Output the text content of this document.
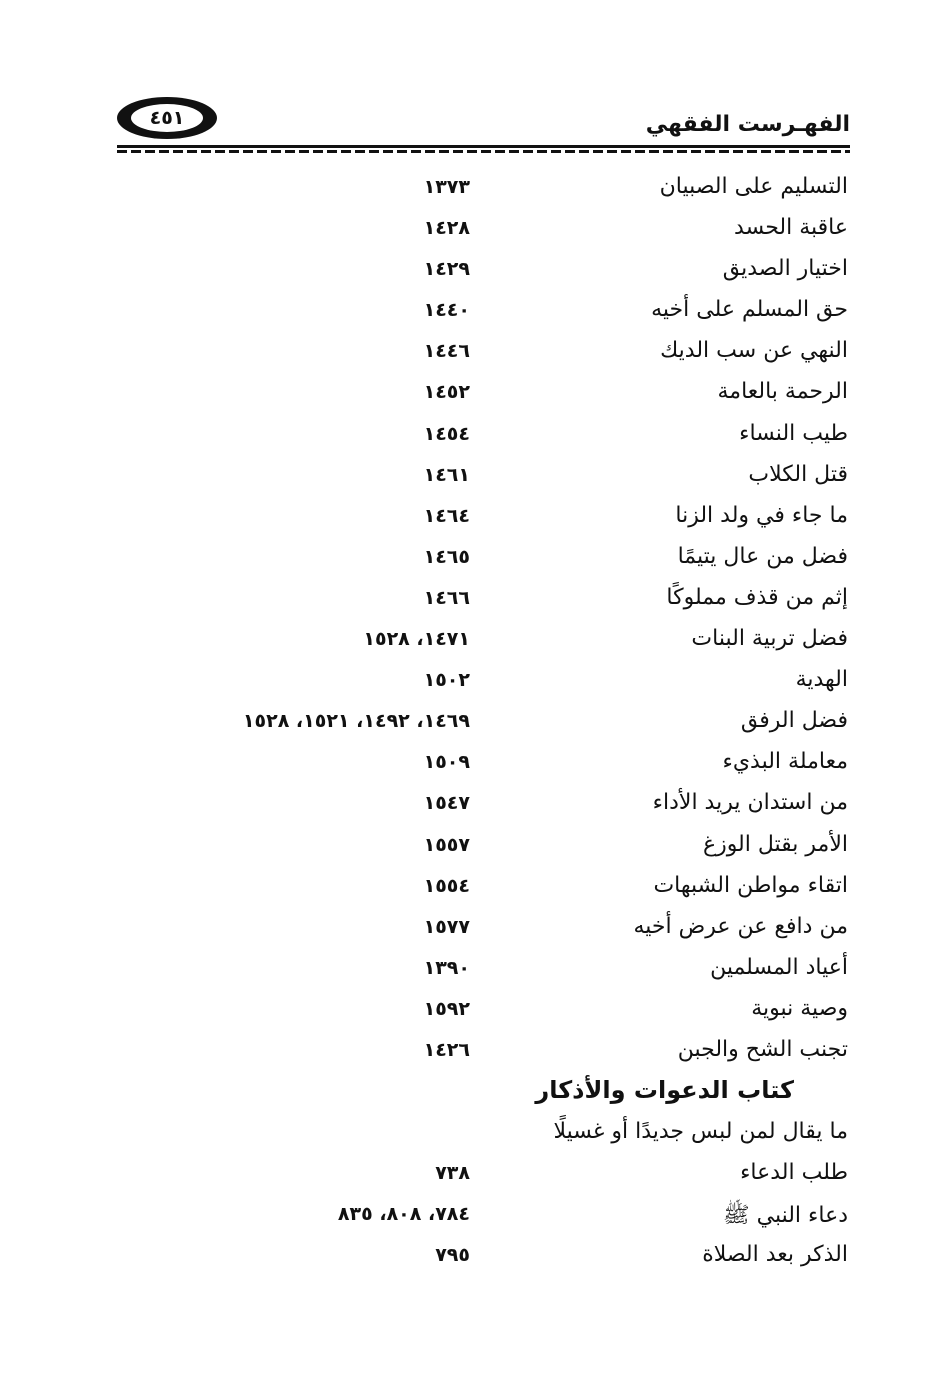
٤٥١	الفهـرست الفقهي
التسليم على الصبيان
١٣٧٣
عاقبة الحسد
١٤٢٨
اختيار الصديق
١٤٢٩
حق المسلم على أخيه
١٤٤٠
النهي عن سب الديك
١٤٤٦
الرحمة بالعامة
١٤٥٢
طيب النساء
١٤٥٤
قتل الكلاب
١٤٦١
ما جاء في ولد الزنا
١٤٦٤
فضل من عال يتيمًا
١٤٦٥
إثم من قذف مملوكًا
١٤٦٦
فضل تربية البنات
١٤٧١، ١٥٢٨
الهدية
١٥٠٢
فضل الرفق
١٤٦٩، ١٤٩٢، ١٥٢١، ١٥٢٨
معاملة البذيء
١٥٠٩
من استدان يريد الأداء
١٥٤٧
الأمر بقتل الوزغ
١٥٥٧
اتقاء مواطن الشبهات
١٥٥٤
من دافع عن عرض أخيه
١٥٧٧
أعياد المسلمين
١٣٩٠
وصية نبوية
١٥٩٢
تجنب الشح والجبن
١٤٢٦
كتاب الدعوات والأذكار
ما يقال لمن لبس جديدًا أو غسيلًا
طلب الدعاء
٧٣٨
دعاء النبي ﷺ
٧٨٤، ٨٠٨، ٨٣٥
الذكر بعد الصلاة
٧٩٥
